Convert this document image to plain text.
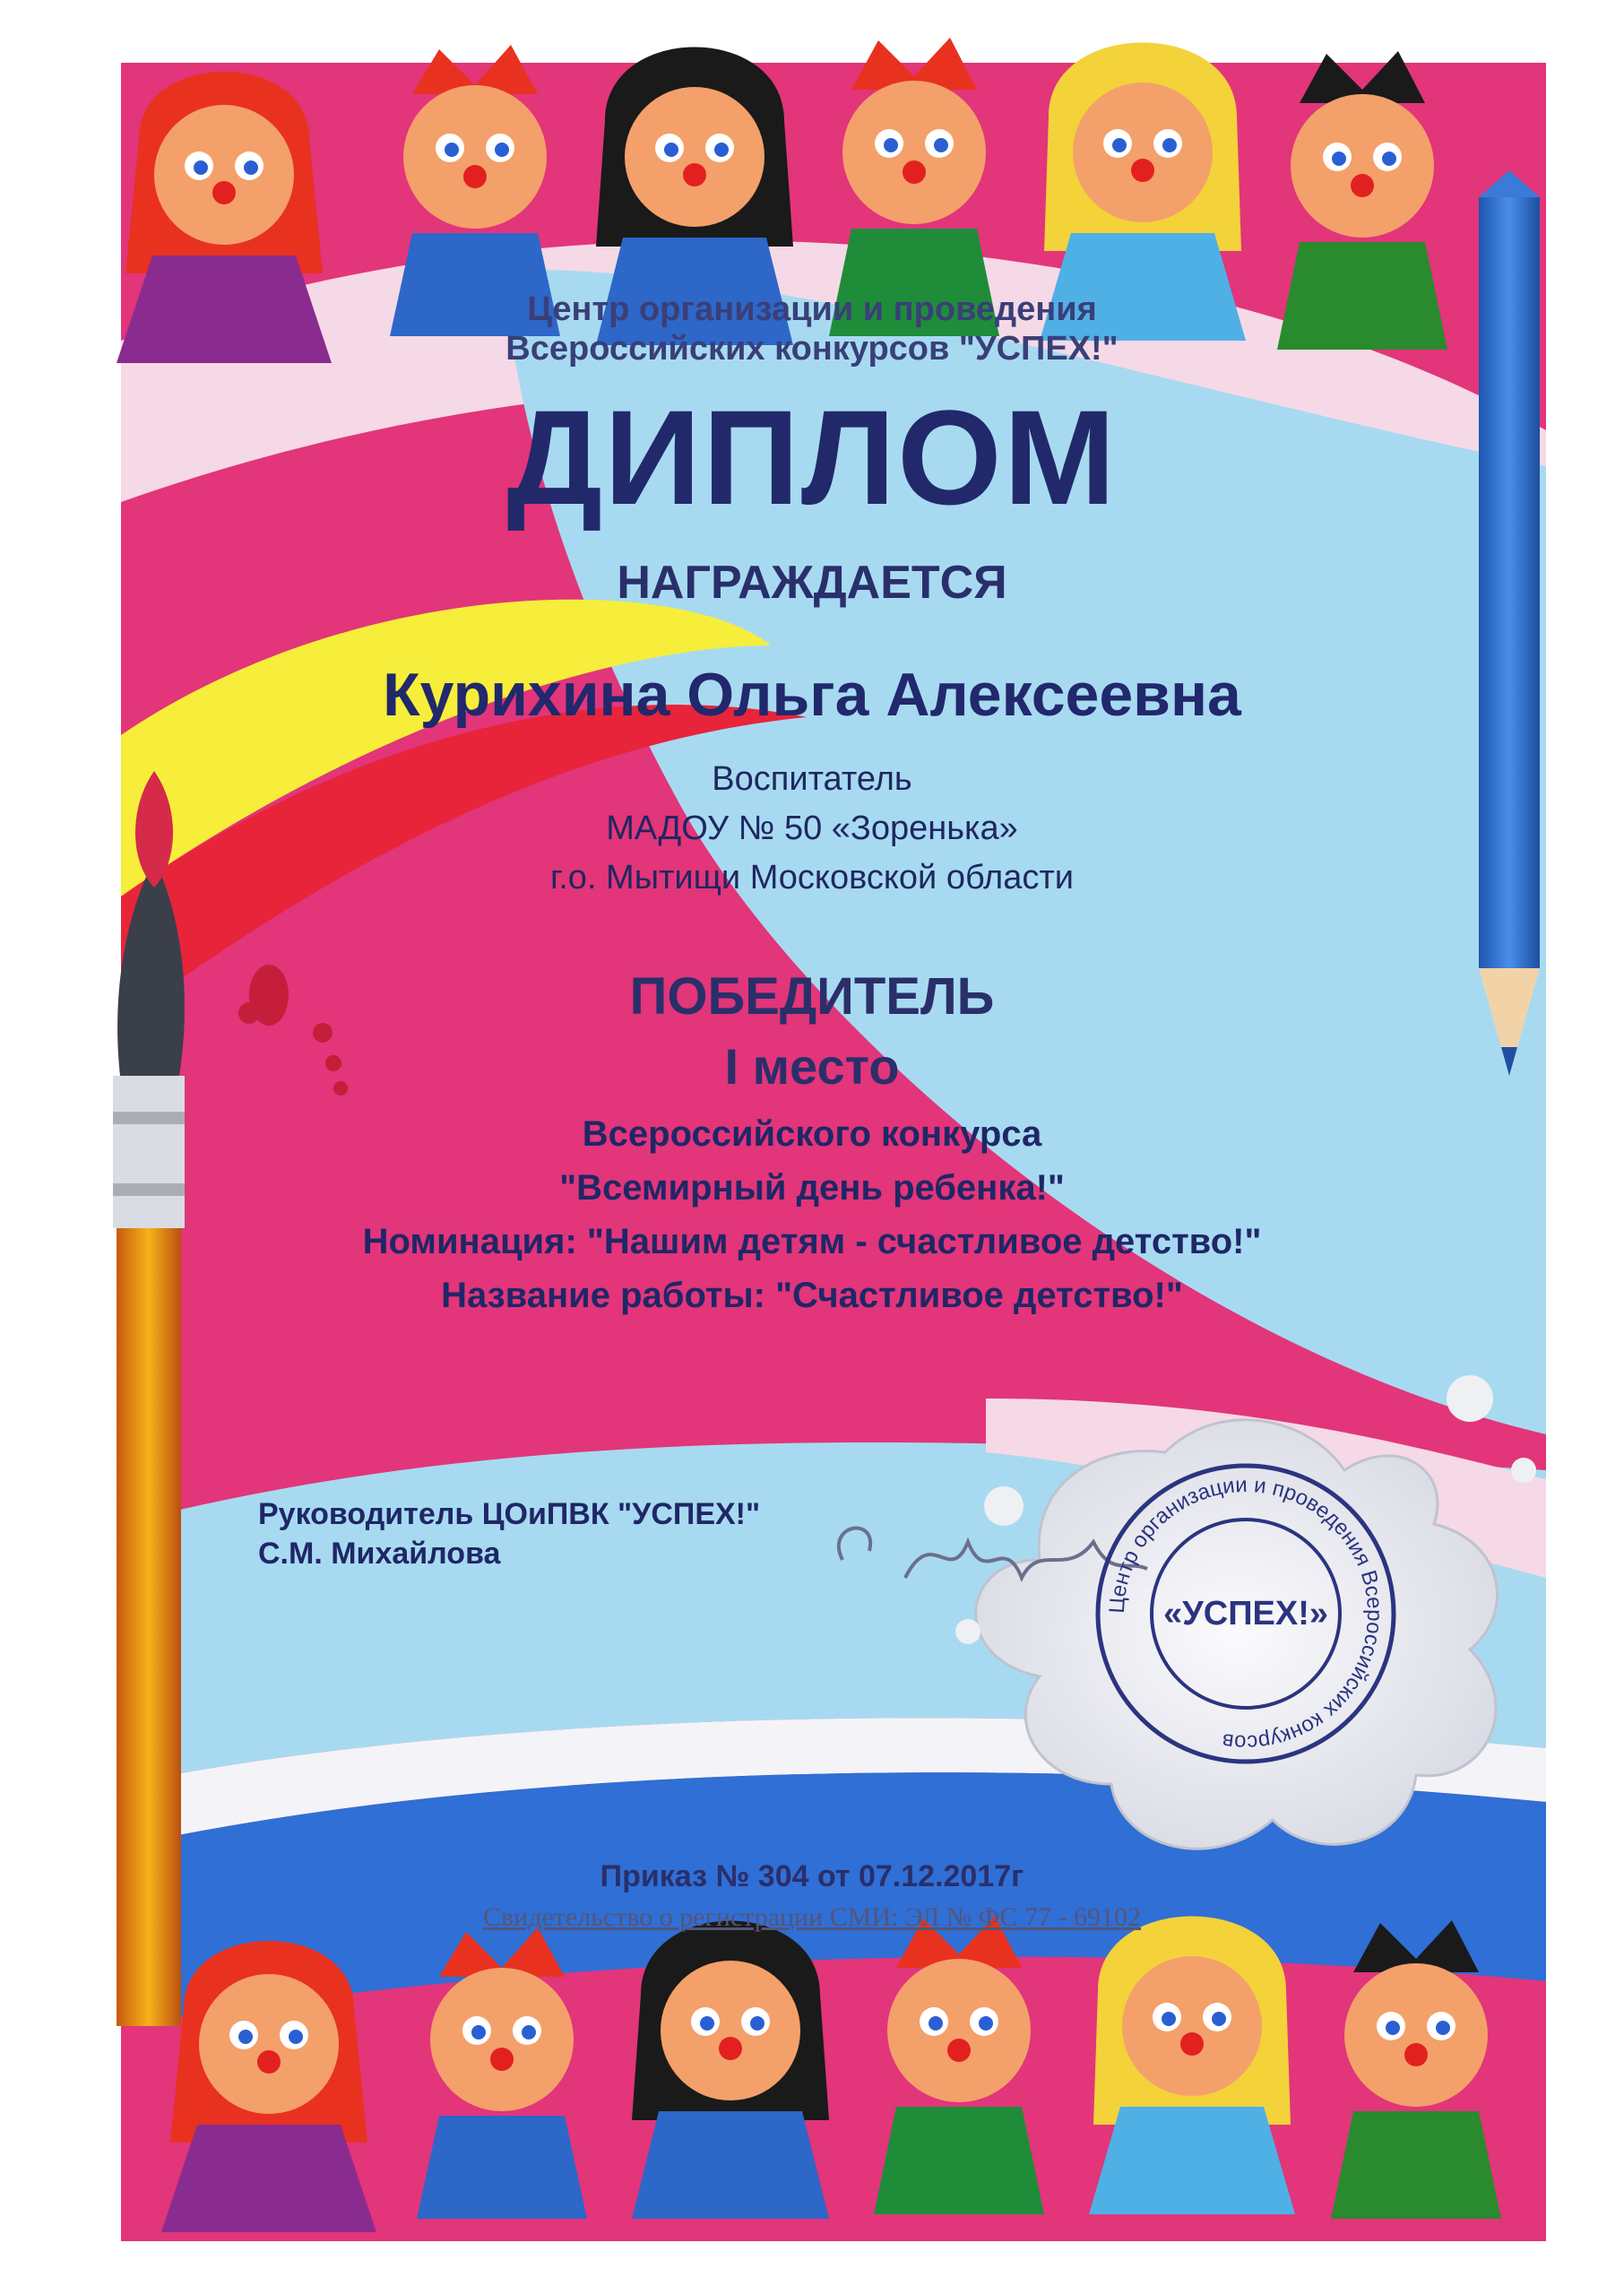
Центр организации и проведения Всероссийских конкурсов
«УСПЕХ!»
Центр организации и проведения
Всероссийских конкурсов "УСПЕХ!"
ДИПЛОМ
НАГРАЖДАЕТСЯ
Курихина Ольга Алексеевна
Воспитатель
МАДОУ № 50 «Зоренька»
г.о. Мытищи Московской области
ПОБЕДИТЕЛЬ
I место
Всероссийского конкурса
"Всемирный день ребенка!"
Номинация: "Нашим детям - счастливое детство!"
Название работы: "Счастливое детство!"
Руководитель ЦОиПВК "УСПЕХ!"
С.М. Михайлова
Приказ № 304 от 07.12.2017г
Свидетельство о регистрации СМИ: ЭЛ № ФС 77 - 69102
